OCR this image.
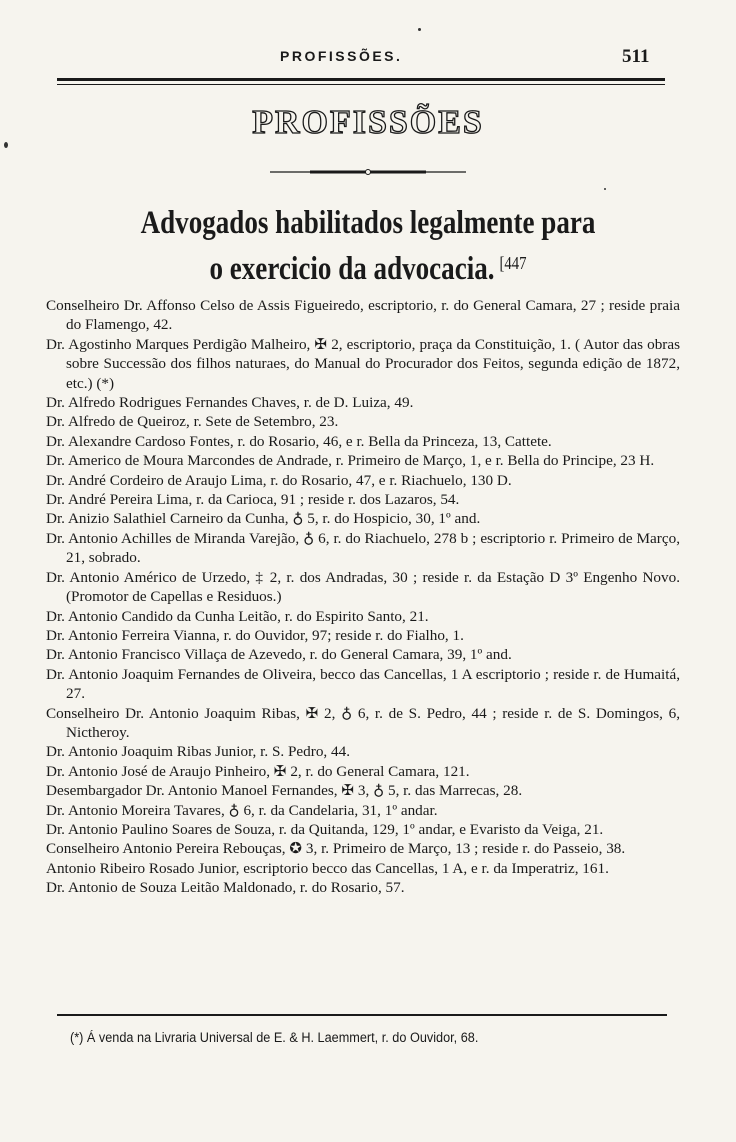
PROFISSÕES.	511
PROFISSÕES
Advogados habilitados legalmente para
o exercicio da advocacia. $^{[447}$

Conselheiro Dr. Affonso Celso de Assis Figueiredo, escriptorio, r. do General Camara, 27 ; reside praia do Flamengo, 42.

Dr. Agostinho Marques Perdigão Malheiro, ✠ 2, escriptorio, praça da Constituição, 1. ( Autor das obras sobre Successão dos filhos naturaes, do Manual do Procurador dos Feitos, segunda edição de 1872, etc.) (*)

Dr. Alfredo Rodrigues Fernandes Chaves, r. de D. Luiza, 49.

Dr. Alfredo de Queiroz, r. Sete de Setembro, 23.

Dr. Alexandre Cardoso Fontes, r. do Rosario, 46, e r. Bella da Princeza, 13, Cattete.

Dr. Americo de Moura Marcondes de Andrade, r. Primeiro de Março, 1, e r. Bella do Principe, 23 H.

Dr. André Cordeiro de Araujo Lima, r. do Rosario, 47, e r. Riachuelo, 130 D.

Dr. André Pereira Lima, r. da Carioca, 91 ; reside r. dos Lazaros, 54.

Dr. Anizio Salathiel Carneiro da Cunha, ♁ 5, r. do Hospicio, 30, 1º and.

Dr. Antonio Achilles de Miranda Varejão, ♁ 6, r. do Riachuelo, 278 b ; escriptorio r. Primeiro de Março, 21, sobrado.

Dr. Antonio Américo de Urzedo, ‡ 2, r. dos Andradas, 30 ; reside r. da Estação D 3º Engenho Novo. (Promotor de Capellas e Residuos.)

Dr. Antonio Candido da Cunha Leitão, r. do Espirito Santo, 21.

Dr. Antonio Ferreira Vianna, r. do Ouvidor, 97; reside r. do Fialho, 1.

Dr. Antonio Francisco Villaça de Azevedo, r. do General Camara, 39, 1º and.

Dr. Antonio Joaquim Fernandes de Oliveira, becco das Cancellas, 1 A escriptorio ; reside r. de Humaitá, 27.

Conselheiro Dr. Antonio Joaquim Ribas, ✠ 2, ♁ 6, r. de S. Pedro, 44 ; reside r. de S. Domingos, 6, Nictheroy.

Dr. Antonio Joaquim Ribas Junior, r. S. Pedro, 44.

Dr. Antonio José de Araujo Pinheiro, ✠ 2, r. do General Camara, 121.

Desembargador Dr. Antonio Manoel Fernandes, ✠ 3, ♁ 5, r. das Marrecas, 28.

Dr. Antonio Moreira Tavares, ♁ 6, r. da Candelaria, 31, 1º andar.

Dr. Antonio Paulino Soares de Souza, r. da Quitanda, 129, 1º andar, e Evaristo da Veiga, 21.

Conselheiro Antonio Pereira Rebouças, ✪ 3, r. Primeiro de Março, 13 ; reside r. do Passeio, 38.

Antonio Ribeiro Rosado Junior, escriptorio becco das Cancellas, 1 A, e r. da Imperatriz, 161.

Dr. Antonio de Souza Leitão Maldonado, r. do Rosario, 57.

(*) Á venda na Livraria Universal de E. & H. Laemmert, r. do Ouvidor, 68.
